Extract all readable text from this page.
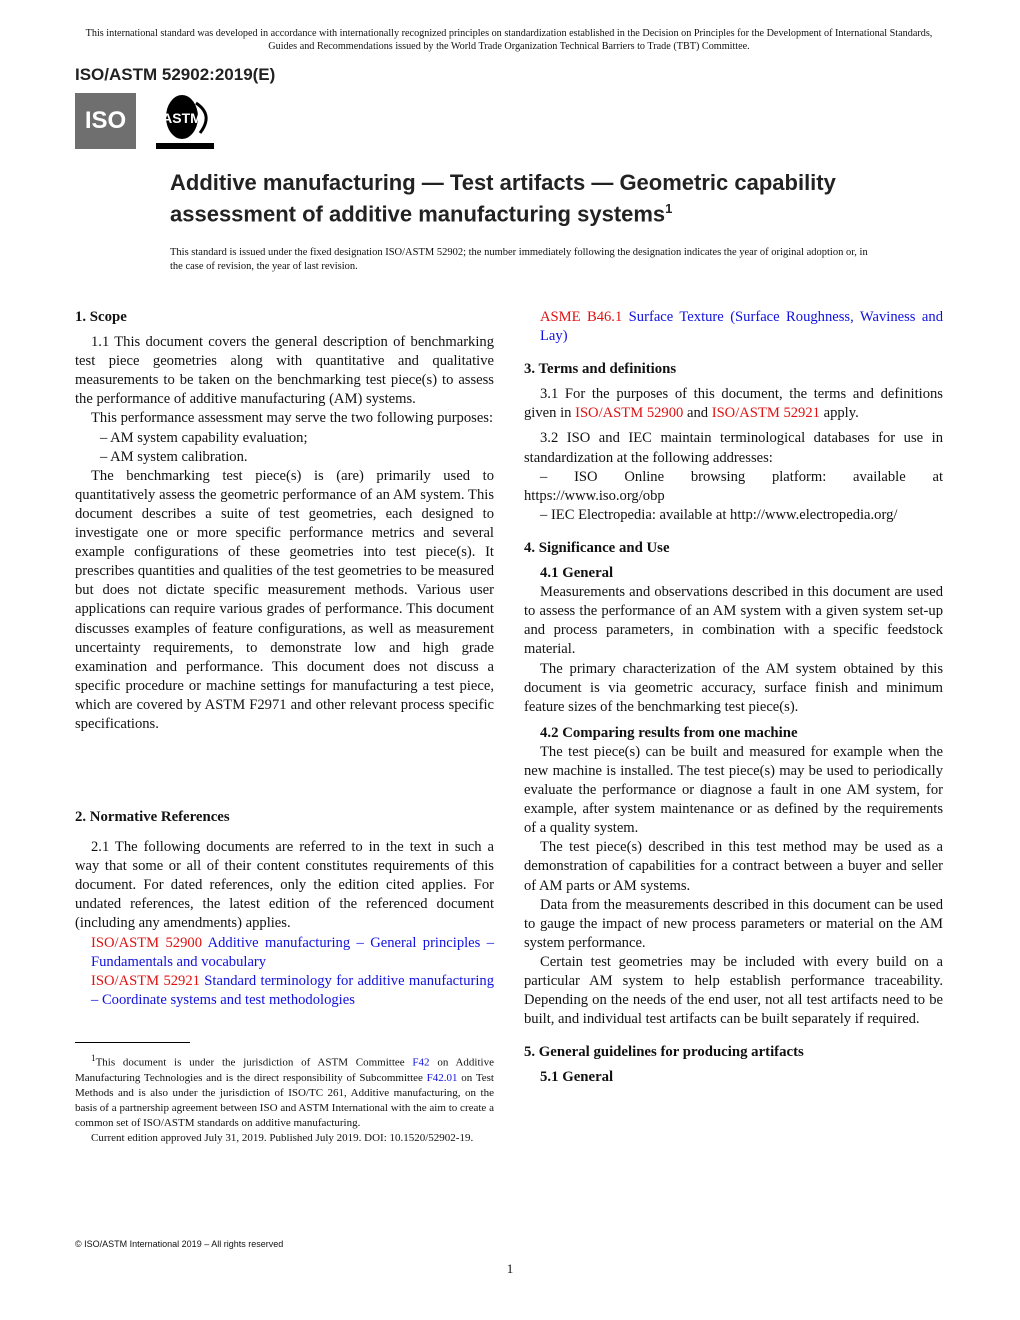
This international standard was developed in accordance with internationally recognized principles on standardization established in the Decision on Principles for the Development of International Standards, Guides and Recommendations issued by the World Trade Organization Technical Barriers to Trade (TBT) Committee.
ISO/ASTM 52902:2019(E)
ISO	ASTM
Additive manufacturing — Test artifacts — Geometric capability assessment of additive manufacturing systems$^1$
This standard is issued under the fixed designation ISO/ASTM 52902; the number immediately following the designation indicates the year of original adoption or, in the case of revision, the year of last revision.

1. Scope

1.1 This document covers the general description of benchmarking test piece geometries along with quantitative and qualitative measurements to be taken on the benchmarking test piece(s) to assess the performance of additive manufacturing (AM) systems.

This performance assessment may serve the two following purposes:

– AM system capability evaluation;

– AM system calibration.

The benchmarking test piece(s) is (are) primarily used to quantitatively assess the geometric performance of an AM system. This document describes a suite of test geometries, each designed to investigate one or more specific performance metrics and several example configurations of these geometries into test piece(s). It prescribes quantities and qualities of the test geometries to be measured but does not dictate specific measurement methods. Various user applications can require various grades of performance. This document discusses examples of feature configurations, as well as measurement uncertainty requirements, to demonstrate low and high grade examination and performance. This document does not discuss a specific procedure or machine settings for manufacturing a test piece, which are covered by ASTM F2971 and other relevant process specific specifications.

2. Normative References

2.1 The following documents are referred to in the text in such a way that some or all of their content constitutes requirements of this document. For dated references, only the edition cited applies. For undated references, the latest edition of the referenced document (including any amendments) applies.

ISO/ASTM 52900 Additive manufacturing – General principles – Fundamentals and vocabulary

ISO/ASTM 52921 Standard terminology for additive manufacturing – Coordinate systems and test methodologies

$^1$This document is under the jurisdiction of ASTM Committee F42 on Additive Manufacturing Technologies and is the direct responsibility of Subcommittee F42.01 on Test Methods and is also under the jurisdiction of ISO/TC 261, Additive manufacturing, on the basis of a partnership agreement between ISO and ASTM International with the aim to create a common set of ISO/ASTM standards on additive manufacturing.

Current edition approved July 31, 2019. Published July 2019. DOI: 10.1520/52902-19.

© ISO/ASTM International 2019 – All rights reserved
1

ASME B46.1 Surface Texture (Surface Roughness, Waviness and Lay)

3. Terms and definitions

3.1 For the purposes of this document, the terms and definitions given in ISO/ASTM 52900 and ISO/ASTM 52921 apply.

3.2 ISO and IEC maintain terminological databases for use in standardization at the following addresses:

– ISO Online browsing platform: available at https://www.iso.org/obp

– IEC Electropedia: available at http://www.electropedia.org/

4. Significance and Use

4.1 General

Measurements and observations described in this document are used to assess the performance of an AM system with a given system set-up and process parameters, in combination with a specific feedstock material.

The primary characterization of the AM system obtained by this document is via geometric accuracy, surface finish and minimum feature sizes of the benchmarking test piece(s).

4.2 Comparing results from one machine

The test piece(s) can be built and measured for example when the new machine is installed. The test piece(s) may be used to periodically evaluate the performance or diagnose a fault in one AM system, for example, after system maintenance or as defined by the requirements of a quality system.

The test piece(s) described in this test method may be used as a demonstration of capabilities for a contract between a buyer and seller of AM parts or AM systems.

Data from the measurements described in this document can be used to gauge the impact of new process parameters or material on the AM system performance.

Certain test geometries may be included with every build on a particular AM system to help establish performance traceability. Depending on the needs of the end user, not all test artifacts need to be built, and individual test artifacts can be built separately if required.

5. General guidelines for producing artifacts

5.1 General
